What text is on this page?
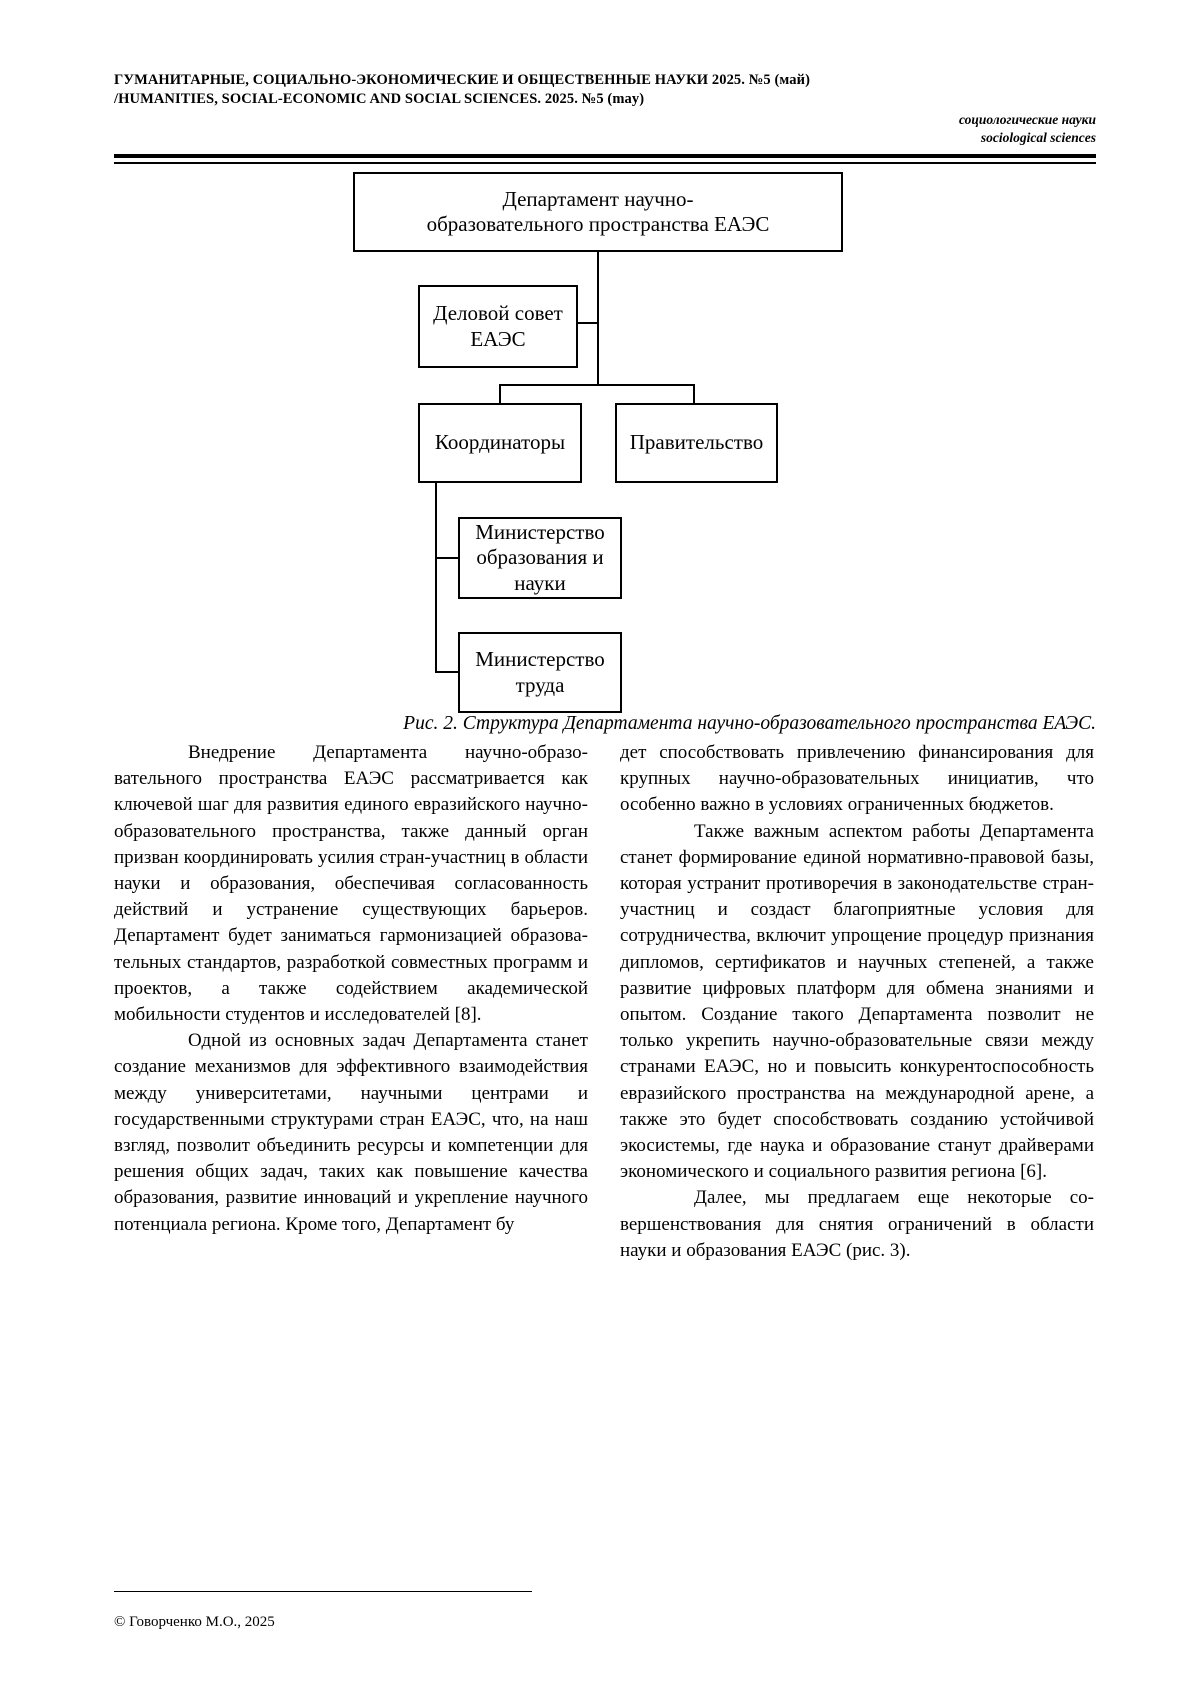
ГУМАНИТАРНЫЕ, СОЦИАЛЬНО-ЭКОНОМИЧЕСКИЕ И ОБЩЕСТВЕННЫЕ НАУКИ 2025. №5 (май)
/HUMANITIES, SOCIAL-ECONOMIC AND SOCIAL SCIENCES. 2025. №5 (may)
социологические науки
sociological sciences
Департамент научно-образовательного пространства ЕАЭС
Деловой совет ЕАЭС
Координаторы	Правительство
Министерство образования и науки
Министерство труда
Рис. 2. Структура Департамента научно-образовательного пространства ЕАЭС.

Внедрение Департамента научно-образовательного пространства ЕАЭС рассматривается как ключевой шаг для развития единого евразийского научно-образовательного пространства, также данный орган призван координировать усилия стран-участниц в области науки и образования, обеспечивая согласованность действий и устранение существующих барьеров. Департамент будет заниматься гармонизацией образовательных стандартов, разработкой совместных программ и проектов, а также содействием академической мобильности студентов и исследователей [8].

Одной из основных задач Департамента станет создание механизмов для эффективного взаимодействия между университетами, научными центрами и государственными структурами стран ЕАЭС, что, на наш взгляд, позволит объединить ресурсы и компетенции для решения общих задач, таких как повышение качества образования, развитие инноваций и укрепление научного потенциала региона. Кроме того, Департамент бу

дет способствовать привлечению финансирования для крупных научно-образовательных инициатив, что особенно важно в условиях ограниченных бюджетов.

Также важным аспектом работы Департамента станет формирование единой нормативно-правовой базы, которая устранит противоречия в законодательстве стран-участниц и создаст благоприятные условия для сотрудничества, включит упрощение процедур признания дипломов, сертификатов и научных степеней, а также развитие цифровых платформ для обмена знаниями и опытом. Создание такого Департамента позволит не только укрепить научно-образовательные связи между странами ЕАЭС, но и повысить конкурентоспособность евразийского пространства на международной арене, а также это будет способствовать созданию устойчивой экосистемы, где наука и образование станут драйверами экономического и социального развития региона [6].

Далее, мы предлагаем еще некоторые совершенствования для снятия ограничений в области науки и образования ЕАЭС (рис. 3).

© Говорченко М.О., 2025
